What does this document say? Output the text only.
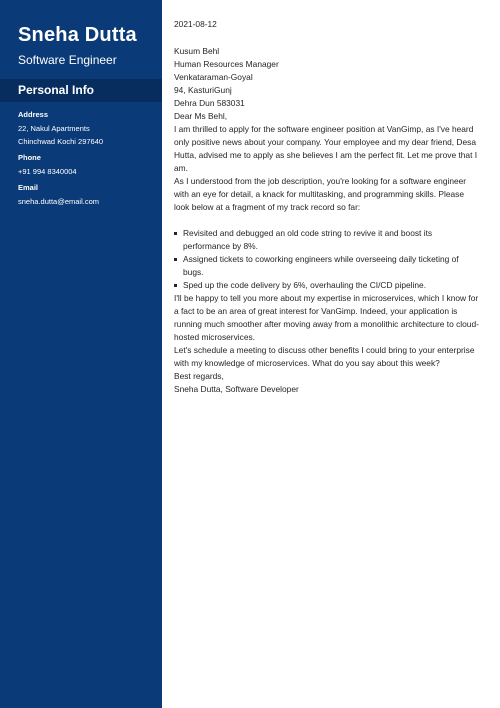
Sneha Dutta
Software Engineer
Personal Info
Address
22, Nakul Apartments
Chinchwad Kochi 297640
Phone
+91 994 8340004
Email
sneha.dutta@email.com

2021-08-12

Kusum Behl

Human Resources Manager

Venkataraman-Goyal

94, KasturiGunj

Dehra Dun 583031

Dear Ms Behl,

I am thrilled to apply for the software engineer position at VanGimp, as I've heard only positive news about your company. Your employee and my dear friend, Desa Hutta, advised me to apply as she believes I am the perfect fit. Let me prove that I am.

As I understood from the job description, you're looking for a software engineer with an eye for detail, a knack for multitasking, and programming skills. Please look below at a fragment of my track record so far:

Revisited and debugged an old code string to revive it and boost its performance by 8%.
Assigned tickets to coworking engineers while overseeing daily ticketing of bugs.
Sped up the code delivery by 6%, overhauling the CI/CD pipeline.

I'll be happy to tell you more about my expertise in microservices, which I know for a fact to be an area of great interest for VanGimp. Indeed, your application is running much smoother after moving away from a monolithic architecture to cloud-hosted microservices.

Let's schedule a meeting to discuss other benefits I could bring to your enterprise with my knowledge of microservices. What do you say about this week?

Best regards,

Sneha Dutta, Software Developer
